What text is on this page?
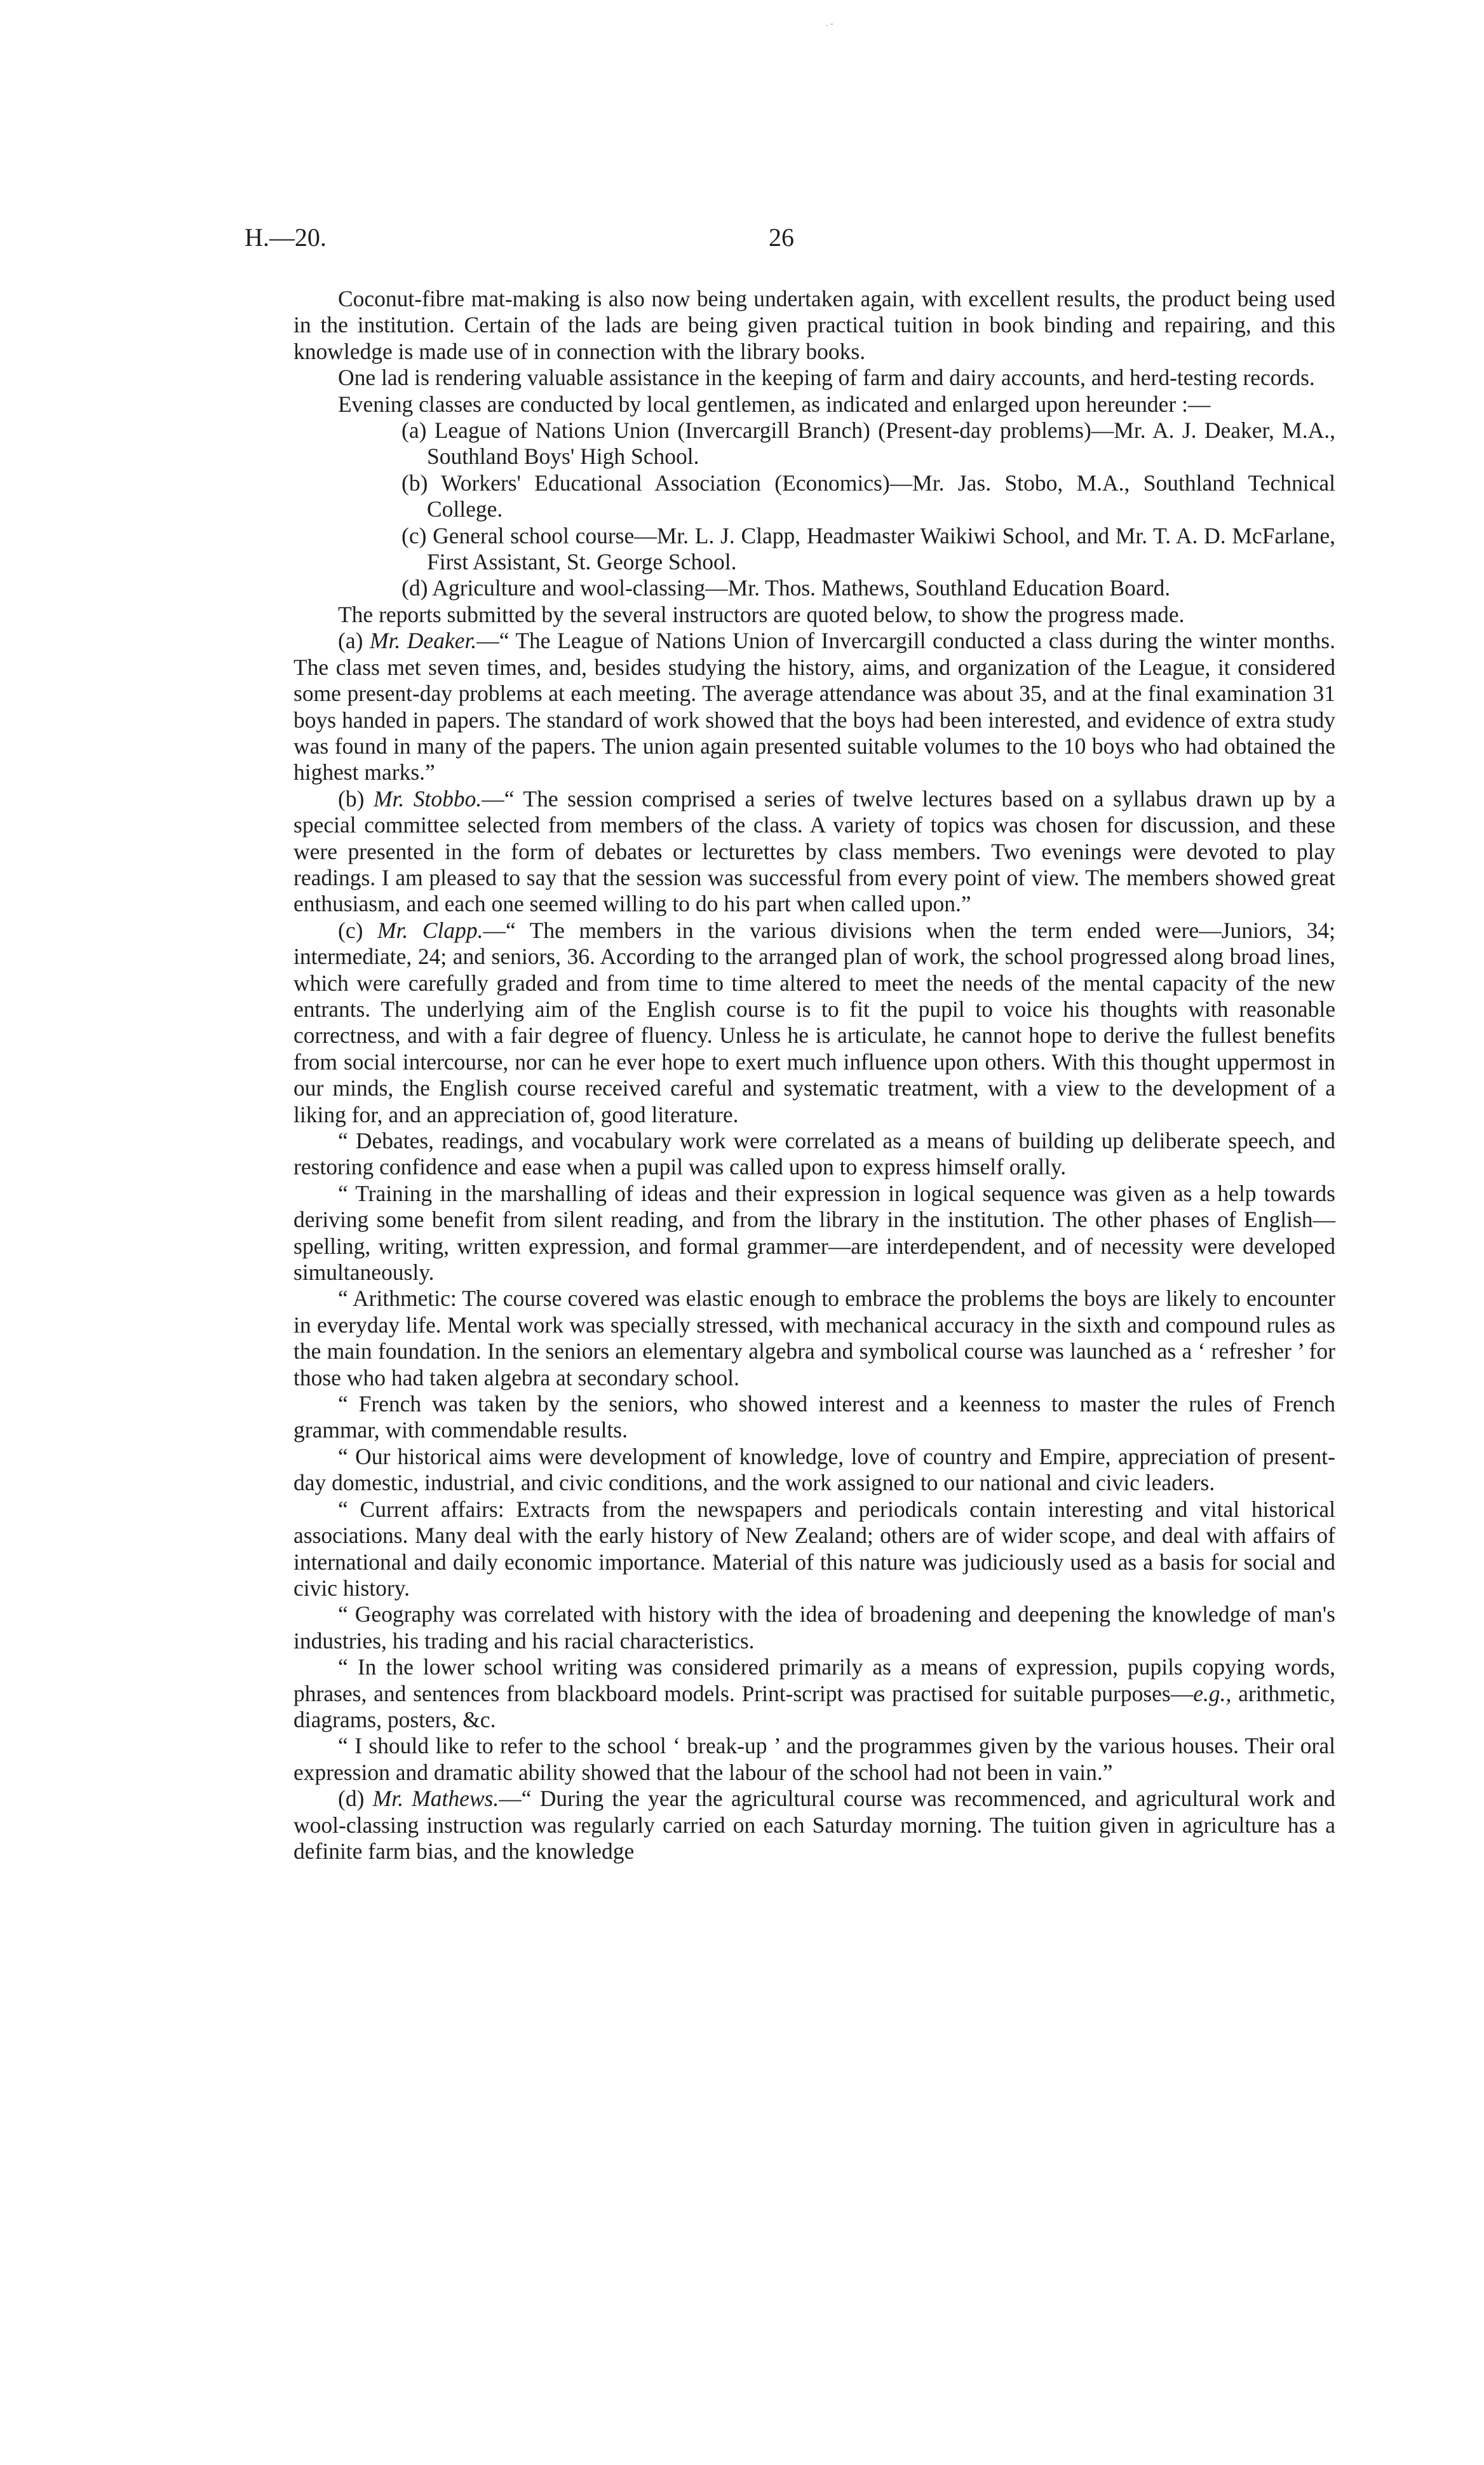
. -
H.—20.	26

Coconut-fibre mat-making is also now being undertaken again, with excellent results, the product being used in the institution. Certain of the lads are being given practical tuition in book binding and repairing, and this knowledge is made use of in connection with the library books.

One lad is rendering valuable assistance in the keeping of farm and dairy accounts, and herd-testing records.

Evening classes are conducted by local gentlemen, as indicated and enlarged upon hereunder :—

(a) League of Nations Union (Invercargill Branch) (Present-day problems)—Mr. A. J. Deaker, M.A., Southland Boys' High School.
(b) Workers' Educational Association (Economics)—Mr. Jas. Stobo, M.A., Southland Technical College.
(c) General school course—Mr. L. J. Clapp, Headmaster Waikiwi School, and Mr. T. A. D. McFarlane, First Assistant, St. George School.
(d) Agriculture and wool-classing—Mr. Thos. Mathews, Southland Education Board.

The reports submitted by the several instructors are quoted below, to show the progress made.

(a) Mr. Deaker.—“ The League of Nations Union of Invercargill conducted a class during the winter months. The class met seven times, and, besides studying the history, aims, and organization of the League, it considered some present-day problems at each meeting. The average attendance was about 35, and at the final examination 31 boys handed in papers. The standard of work showed that the boys had been interested, and evidence of extra study was found in many of the papers. The union again presented suitable volumes to the 10 boys who had obtained the highest marks.”

(b) Mr. Stobbo.—“ The session comprised a series of twelve lectures based on a syllabus drawn up by a special committee selected from members of the class. A variety of topics was chosen for discussion, and these were presented in the form of debates or lecturettes by class members. Two evenings were devoted to play readings. I am pleased to say that the session was successful from every point of view. The members showed great enthusiasm, and each one seemed willing to do his part when called upon.”

(c) Mr. Clapp.—“ The members in the various divisions when the term ended were—Juniors, 34; intermediate, 24; and seniors, 36. According to the arranged plan of work, the school progressed along broad lines, which were carefully graded and from time to time altered to meet the needs of the mental capacity of the new entrants. The underlying aim of the English course is to fit the pupil to voice his thoughts with reasonable correctness, and with a fair degree of fluency. Unless he is articulate, he cannot hope to derive the fullest benefits from social intercourse, nor can he ever hope to exert much influence upon others. With this thought uppermost in our minds, the English course received careful and systematic treatment, with a view to the development of a liking for, and an appreciation of, good literature.

“ Debates, readings, and vocabulary work were correlated as a means of building up deliberate speech, and restoring confidence and ease when a pupil was called upon to express himself orally.

“ Training in the marshalling of ideas and their expression in logical sequence was given as a help towards deriving some benefit from silent reading, and from the library in the institution. The other phases of English—spelling, writing, written expression, and formal grammer—are interdependent, and of necessity were developed simultaneously.

“ Arithmetic: The course covered was elastic enough to embrace the problems the boys are likely to encounter in everyday life. Mental work was specially stressed, with mechanical accuracy in the sixth and compound rules as the main foundation. In the seniors an elementary algebra and symbolical course was launched as a ‘ refresher ’ for those who had taken algebra at secondary school.

“ French was taken by the seniors, who showed interest and a keenness to master the rules of French grammar, with commendable results.

“ Our historical aims were development of knowledge, love of country and Empire, appreciation of present-day domestic, industrial, and civic conditions, and the work assigned to our national and civic leaders.

“ Current affairs: Extracts from the newspapers and periodicals contain interesting and vital historical associations. Many deal with the early history of New Zealand; others are of wider scope, and deal with affairs of international and daily economic importance. Material of this nature was judiciously used as a basis for social and civic history.

“ Geography was correlated with history with the idea of broadening and deepening the knowledge of man's industries, his trading and his racial characteristics.

“ In the lower school writing was considered primarily as a means of expression, pupils copying words, phrases, and sentences from blackboard models. Print-script was practised for suitable purposes—e.g., arithmetic, diagrams, posters, &c.

“ I should like to refer to the school ‘ break-up ’ and the programmes given by the various houses. Their oral expression and dramatic ability showed that the labour of the school had not been in vain.”

(d) Mr. Mathews.—“ During the year the agricultural course was recommenced, and agricultural work and wool-classing instruction was regularly carried on each Saturday morning. The tuition given in agriculture has a definite farm bias, and the knowledge
